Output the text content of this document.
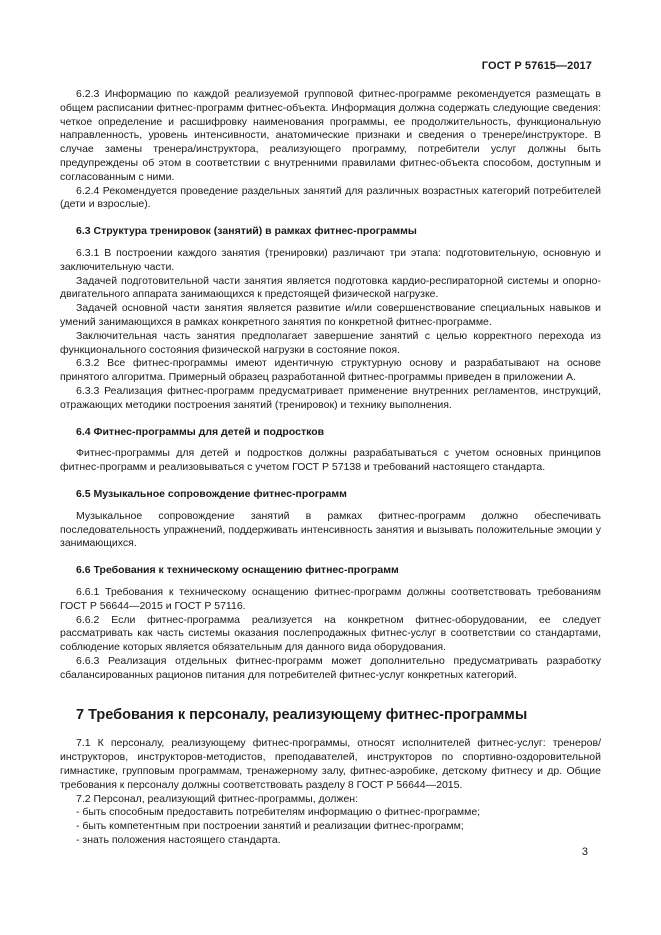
ГОСТ Р 57615—2017

6.2.3 Информацию по каждой реализуемой групповой фитнес-программе рекомендуется размещать в общем расписании фитнес-программ фитнес-объекта. Информация должна содержать следующие сведения: четкое определение и расшифровку наименования программы, ее продолжительность, функциональную направленность, уровень интенсивности, анатомические признаки и сведения о тренере/инструкторе. В случае замены тренера/инструктора, реализующего программу, потребители услуг должны быть предупреждены об этом в соответствии с внутренними правилами фитнес-объекта способом, доступным и согласованным с ними.

6.2.4 Рекомендуется проведение раздельных занятий для различных возрастных категорий потребителей (дети и взрослые).

6.3 Структура тренировок (занятий) в рамках фитнес-программы

6.3.1 В построении каждого занятия (тренировки) различают три этапа: подготовительную, основную и заключительную части.

Задачей подготовительной части занятия является подготовка кардио-респираторной системы и опорно-двигательного аппарата занимающихся к предстоящей физической нагрузке.

Задачей основной части занятия является развитие и/или совершенствование специальных навыков и умений занимающихся в рамках конкретного занятия по конкретной фитнес-программе.

Заключительная часть занятия предполагает завершение занятий с целью корректного перехода из функционального состояния физической нагрузки в состояние покоя.

6.3.2 Все фитнес-программы имеют идентичную структурную основу и разрабатывают на основе принятого алгоритма. Примерный образец разработанной фитнес-программы приведен в приложении А.

6.3.3 Реализация фитнес-программ предусматривает применение внутренних регламентов, инструкций, отражающих методики построения занятий (тренировок) и технику выполнения.

6.4 Фитнес-программы для детей и подростков

Фитнес-программы для детей и подростков должны разрабатываться с учетом основных принципов фитнес-программ и реализовываться с учетом ГОСТ Р 57138 и требований настоящего стандарта.

6.5 Музыкальное сопровождение фитнес-программ

Музыкальное сопровождение занятий в рамках фитнес-программ должно обеспечивать последовательность упражнений, поддерживать интенсивность занятия и вызывать положительные эмоции у занимающихся.

6.6 Требования к техническому оснащению фитнес-программ

6.6.1 Требования к техническому оснащению фитнес-программ должны соответствовать требованиям ГОСТ Р 56644—2015 и ГОСТ Р 57116.

6.6.2 Если фитнес-программа реализуется на конкретном фитнес-оборудовании, ее следует рассматривать как часть системы оказания послепродажных фитнес-услуг в соответствии со стандартами, соблюдение которых является обязательным для данного вида оборудования.

6.6.3 Реализация отдельных фитнес-программ может дополнительно предусматривать разработку сбалансированных рационов питания для потребителей фитнес-услуг конкретных категорий.

7 Требования к персоналу, реализующему фитнес-программы

7.1 К персоналу, реализующему фитнес-программы, относят исполнителей фитнес-услуг: тренеров/инструкторов, инструкторов-методистов, преподавателей, инструкторов по спортивно-оздоровительной гимнастике, групповым программам, тренажерному залу, фитнес-аэробике, детскому фитнесу и др. Общие требования к персоналу должны соответствовать разделу 8 ГОСТ Р 56644—2015.

7.2 Персонал, реализующий фитнес-программы, должен:

- быть способным предоставить потребителям информацию о фитнес-программе;

- быть компетентным при построении занятий и реализации фитнес-программ;

- знать положения настоящего стандарта.

3
